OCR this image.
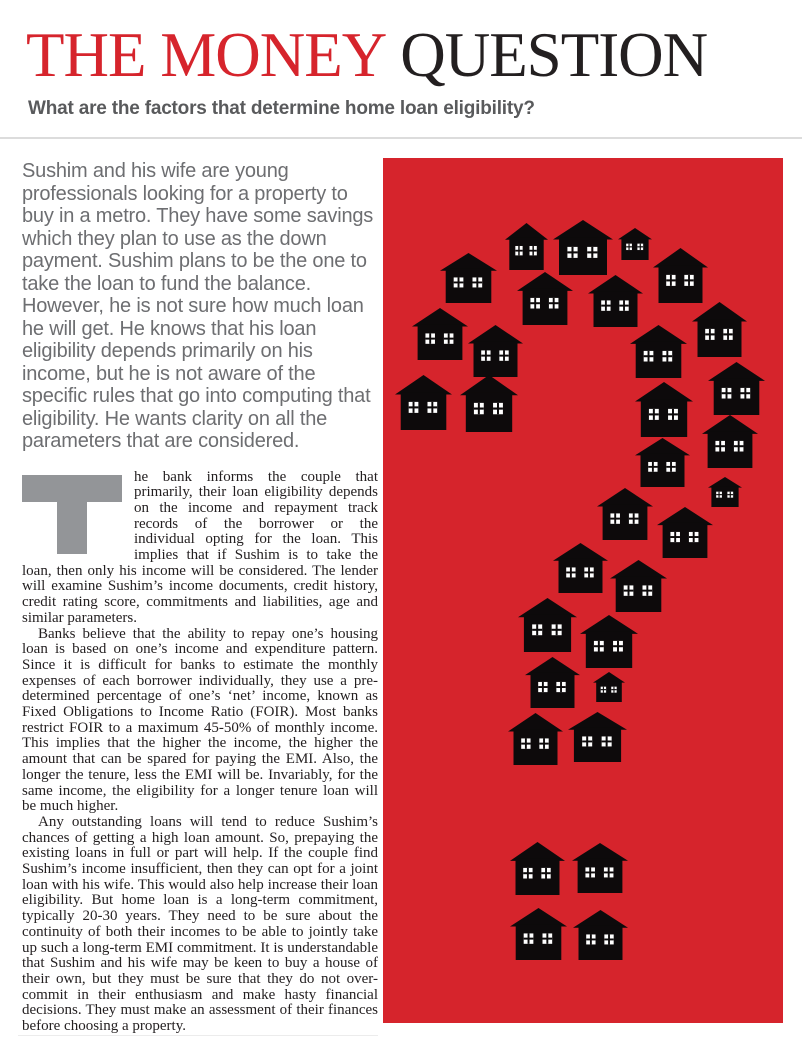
THE MONEY QUESTION
What are the factors that determine home loan eligibility?

Sushim and his wife are young professionals looking for a property to buy in a metro. They have some savings which they plan to use as the down payment. Sushim plans to be the one to take the loan to fund the balance. However, he is not sure how much loan he will get. He knows that his loan eligibility depends primarily on his income, but he is not aware of the specific rules that go into computing that eligibility. He wants clarity on all the parameters that are considered.

he bank informs the couple that primarily, their loan eligibility depends on the income and repayment track records of the borrower or the individual opting for the loan. This implies that if Sushim is to take the loan, then only his income will be considered. The lender will examine Sushim’s income documents, credit history, credit rating score, commitments and liabilities, age and similar parameters.

Banks believe that the ability to repay one’s housing loan is based on one’s income and expenditure pattern. Since it is difficult for banks to estimate the monthly expenses of each borrower individually, they use a pre-determined percentage of one’s ‘net’ income, known as Fixed Obligations to Income Ratio (FOIR). Most banks restrict FOIR to a maximum 45-50% of monthly income. This implies that the higher the income, the higher the amount that can be spared for paying the EMI. Also, the longer the tenure, less the EMI will be. Invariably, for the same income, the eligibility for a longer tenure loan will be much higher.

Any outstanding loans will tend to reduce Sushim’s chances of getting a high loan amount. So, prepaying the existing loans in full or part will help. If the couple find Sushim’s income insufficient, then they can opt for a joint loan with his wife. This would also help increase their loan eligibility. But home loan is a long-term commitment, typically 20-30 years. They need to be sure about the continuity of both their incomes to be able to jointly take up such a long-term EMI commitment. It is understandable that Sushim and his wife may be keen to buy a house of their own, but they must be sure that they do not over-commit in their enthusiasm and make hasty financial decisions. They must make an assessment of their finances before choosing a property.
